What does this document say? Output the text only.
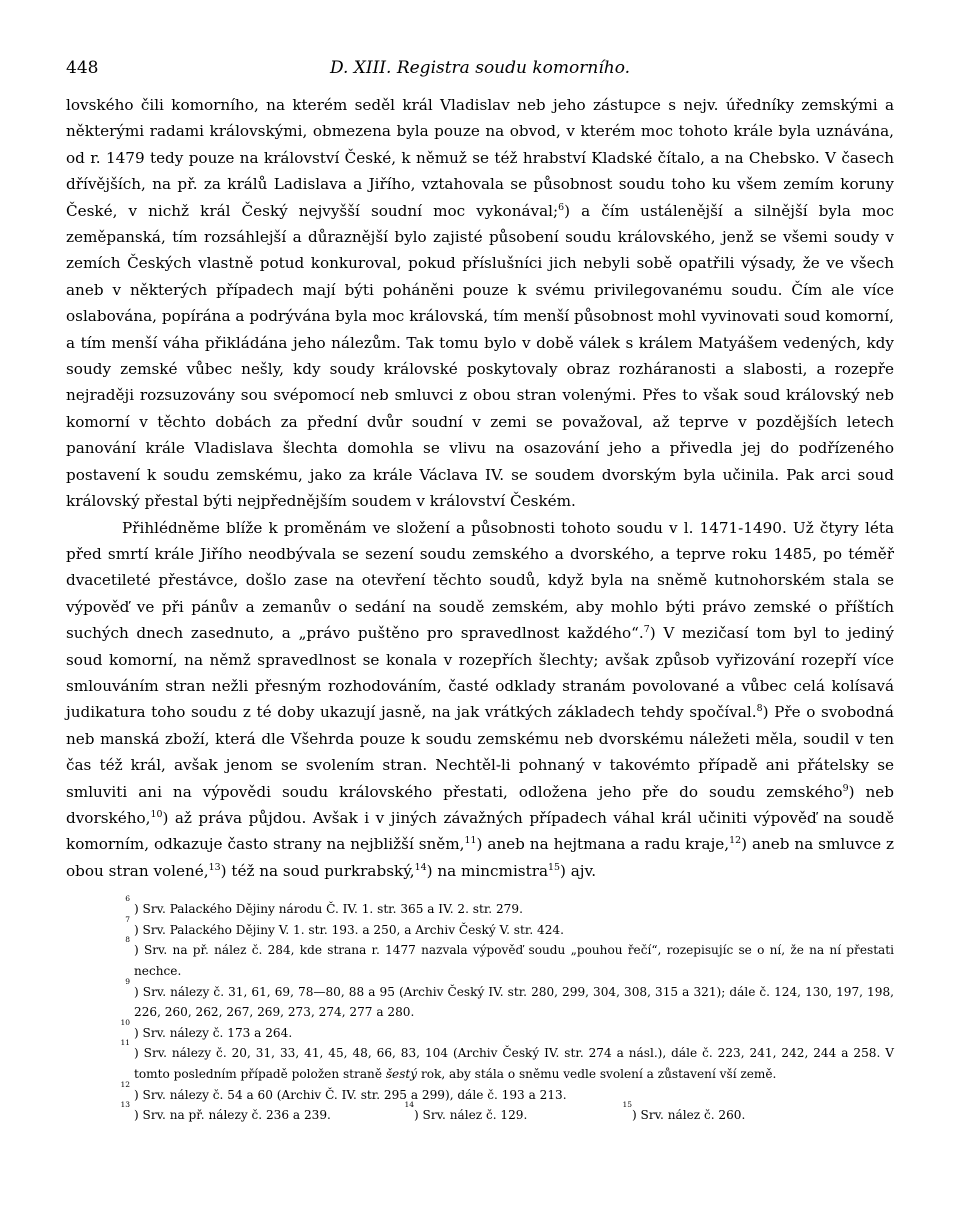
448	D. XIII. Registra soudu komorního.

lovského čili komorního, na kterém seděl král Vladislav neb jeho zástupce s nejv. úředníky zemskými a některými radami královskými, obmezena byla pouze na obvod, v kterém moc tohoto krále byla uznávána, od r. 1479 tedy pouze na království České, k němuž se též hrabství Kladské čítalo, a na Chebsko. V časech dřívějších, na př. za králů Ladislava a Jiřího, vztahovala se působnost soudu toho ku všem zemím koruny České, v nichž král Český nejvyšší soudní moc vykonával;$^6$) a čím ustálenější a silnější byla moc zeměpanská, tím rozsáhlejší a důraznější bylo zajisté působení soudu královského, jenž se všemi soudy v zemích Českých vlastně potud konkuroval, pokud příslušníci jich nebyli sobě opatřili výsady, že ve všech aneb v některých případech mají býti poháněni pouze k svému privilegovanému soudu. Čím ale více oslabována, popírána a podrývána byla moc královská, tím menší působnost mohl vyvinovati soud komorní, a tím menší váha přikládána jeho nálezům. Tak tomu bylo v době válek s králem Matyášem vedených, kdy soudy zemské vůbec nešly, kdy soudy královské poskytovaly obraz rozháranosti a slabosti, a rozepře nejraději rozsuzovány sou svépomocí neb smluvci z obou stran volenými. Přes to však soud královský neb komorní v těchto dobách za přední dvůr soudní v zemi se považoval, až teprve v pozdějších letech panování krále Vladislava šlechta domohla se vlivu na osazování jeho a přivedla jej do podřízeného postavení k soudu zemskému, jako za krále Václava IV. se soudem dvorským byla učinila. Pak arci soud královský přestal býti nejpřednějším soudem v království Českém.

Přihlédněme blíže k proměnám ve složení a působnosti tohoto soudu v l. 1471-1490. Už čtyry léta před smrtí krále Jiřího neodbývala se sezení soudu zemského a dvorského, a teprve roku 1485, po téměř dvacetileté přestávce, došlo zase na otevření těchto soudů, když byla na sněmě kutnohorském stala se výpověď ve při pánův a zemanův o sedání na soudě zemském, aby mohlo býti právo zemské o příštích suchých dnech zasednuto, a „právo puštěno pro spravedlnost každého“.$^7$) V mezičasí tom byl to jediný soud komorní, na němž spravedlnost se konala v rozepřích šlechty; avšak způsob vyřizování rozepří více smlouváním stran nežli přesným rozhodováním, časté odklady stranám povolované a vůbec celá kolísavá judikatura toho soudu z té doby ukazují jasně, na jak vrátkých základech tehdy spočíval.$^8$) Pře o svobodná neb manská zboží, která dle Všehrda pouze k soudu zemskému neb dvorskému náležeti měla, soudil v ten čas též král, avšak jenom se svolením stran. Nechtěl-li pohnaný v takovémto případě ani přátelsky se smluviti ani na výpovědi soudu královského přestati, odložena jeho pře do soudu zemského$^9$) neb dvorského,$^{10}$) až práva půjdou. Avšak i v jiných závažných případech váhal král učiniti výpověď na soudě komorním, odkazuje často strany na nejbližší sněm,$^{11}$) aneb na hejtmana a radu kraje,$^{12}$) aneb na smluvce z obou stran volené,$^{13}$) též na soud purkrabský,$^{14}$) na mincmistra$^{15}$) ajv.

6
) Srv. Palackého Dějiny národu Č. IV. 1. str. 365 a IV. 2. str. 279.
7
) Srv. Palackého Dějiny V. 1. str. 193. a 250, a Archiv Český V. str. 424.
8
) Srv. na př. nález č. 284, kde strana r. 1477 nazvala výpověď soudu „pouhou řečí“, rozepisujíc se o ní, že na ní přestati nechce.
9
) Srv. nálezy č. 31, 61, 69, 78—80, 88 a 95 (Archiv Český IV. str. 280, 299, 304, 308, 315 a 321); dále č. 124, 130, 197, 198, 226, 260, 262, 267, 269, 273, 274, 277 a 280.
10
) Srv. nálezy č. 173 a 264.
11
) Srv. nálezy č. 20, 31, 33, 41, 45, 48, 66, 83, 104 (Archiv Český IV. str. 274 a násl.), dále č. 223, 241, 242, 244 a 258. V tomto posledním případě položen straně šestý rok, aby stála o sněmu vedle svolení a zůstavení vší země.
12
) Srv. nálezy č. 54 a 60 (Archiv Č. IV. str. 295 a 299), dále č. 193 a 213.
13
) Srv. na př. nálezy č. 236 a 239.
14
) Srv. nález č. 129.
15
) Srv. nález č. 260.
